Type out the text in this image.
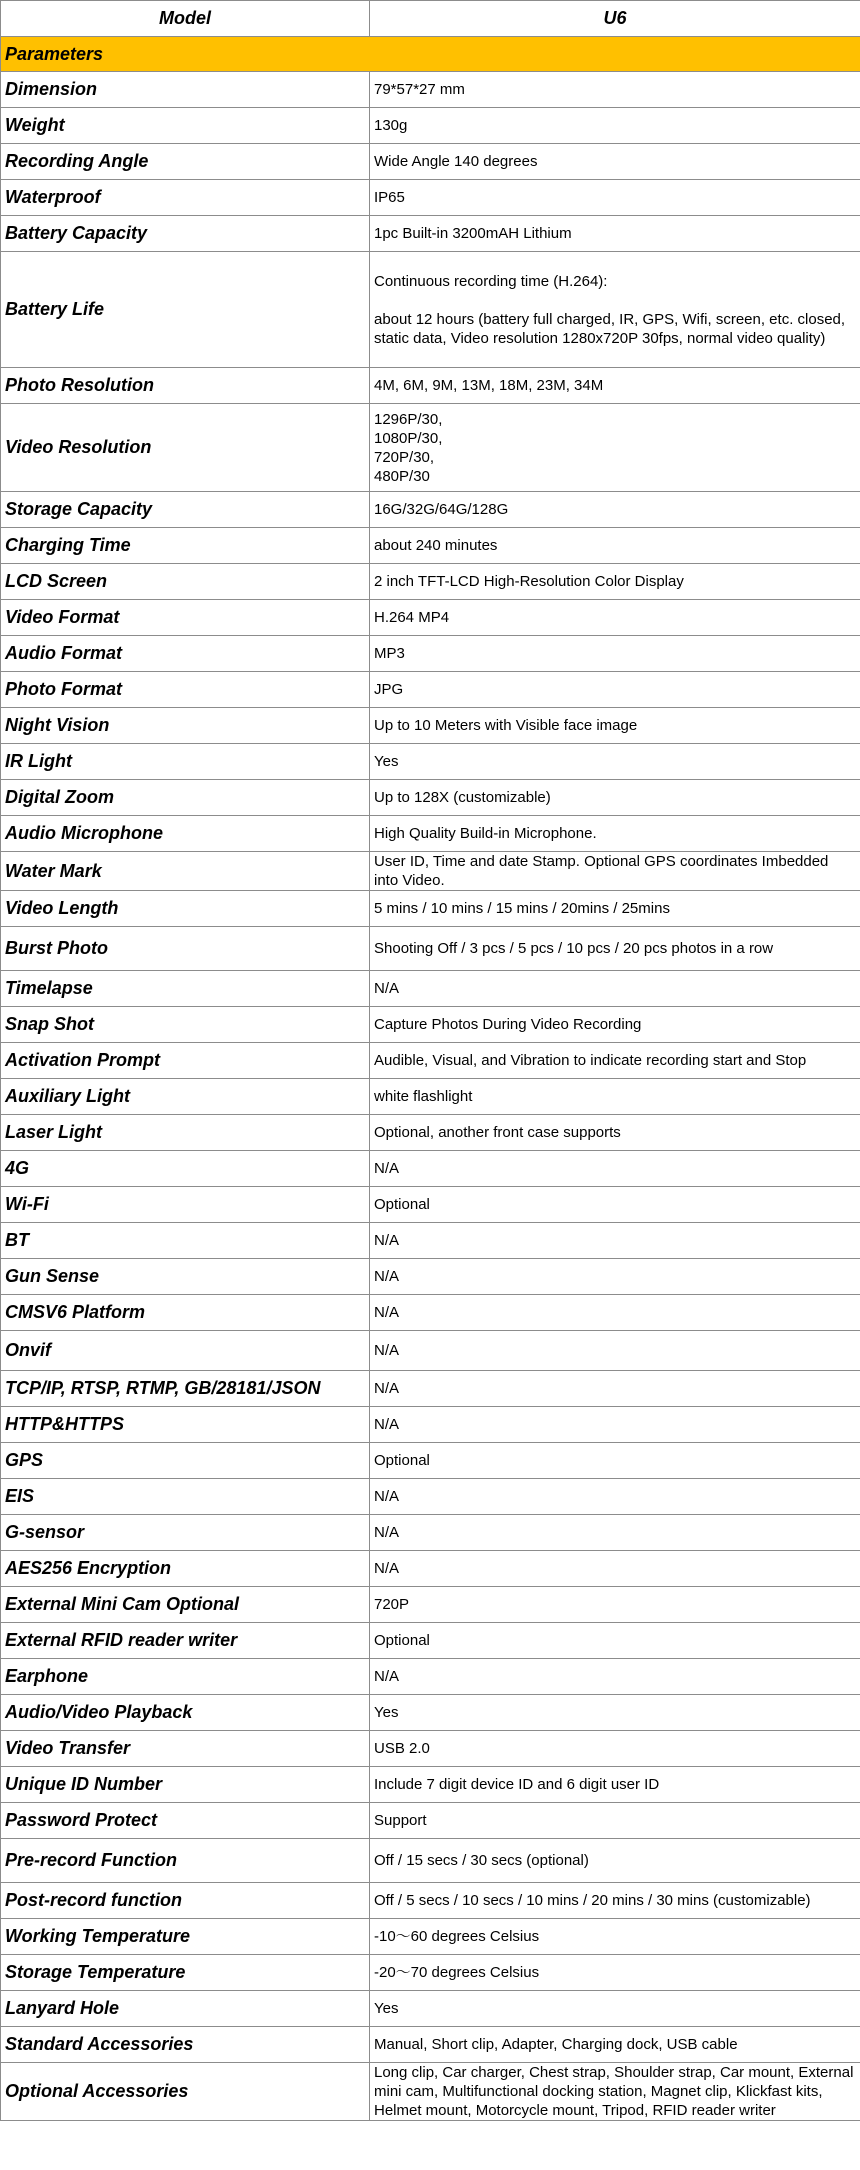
Model	U6
Parameters	
Dimension	79*57*27 mm

Weight	130g

Recording Angle	Wide Angle 140 degrees

Waterproof	IP65

Battery Capacity	1pc Built-in 3200mAH Lithium

Battery Life	Continuous recording time (H.264):
about 12 hours (battery full charged, IR, GPS, Wifi, screen, etc. closed, static data, Video resolution 1280x720P 30fps, normal video quality)

Photo Resolution	4M, 6M, 9M, 13M, 18M, 23M, 34M

Video Resolution	1296P/30,
1080P/30,
720P/30,
480P/30

Storage Capacity	16G/32G/64G/128G

Charging Time	about 240 minutes

LCD Screen	2 inch TFT-LCD High-Resolution Color Display

Video Format	H.264 MP4

Audio Format	MP3

Photo Format	JPG

Night Vision	Up to 10 Meters with Visible face image

IR Light	Yes

Digital Zoom	Up to 128X (customizable)

Audio Microphone	High Quality Build-in Microphone.

Water Mark	User ID, Time and date Stamp. Optional GPS coordinates Imbedded into Video.

Video Length	5 mins / 10 mins / 15 mins / 20mins / 25mins

Burst Photo	Shooting Off / 3 pcs / 5 pcs / 10 pcs / 20 pcs photos in a row

Timelapse	N/A

Snap Shot	Capture Photos During Video Recording

Activation Prompt	Audible, Visual, and Vibration to indicate recording start and Stop

Auxiliary Light	white flashlight

Laser Light	Optional, another front case supports

4G	N/A

Wi-Fi	Optional

BT	N/A

Gun Sense	N/A

CMSV6 Platform	N/A

Onvif	N/A

TCP/IP, RTSP, RTMP, GB/28181/JSON	N/A

HTTP&HTTPS	N/A

GPS	Optional

EIS	N/A

G-sensor	N/A

AES256 Encryption	N/A

External Mini Cam Optional	720P

External RFID reader writer	Optional

Earphone	N/A

Audio/Video Playback	Yes

Video Transfer	USB 2.0

Unique ID Number	Include 7 digit device ID and 6 digit user ID

Password Protect	Support

Pre-record Function	Off / 15 secs / 30 secs (optional)

Post-record function	Off / 5 secs / 10 secs / 10 mins / 20 mins / 30 mins (customizable)

Working Temperature	-10～60 degrees Celsius

Storage Temperature	-20～70 degrees Celsius

Lanyard Hole	Yes

Standard Accessories	Manual, Short clip, Adapter, Charging dock, USB cable

Optional Accessories	Long clip, Car charger, Chest strap, Shoulder strap, Car mount, External mini cam, Multifunctional docking station, Magnet clip, Klickfast kits, Helmet mount, Motorcycle mount, Tripod, RFID reader writer
